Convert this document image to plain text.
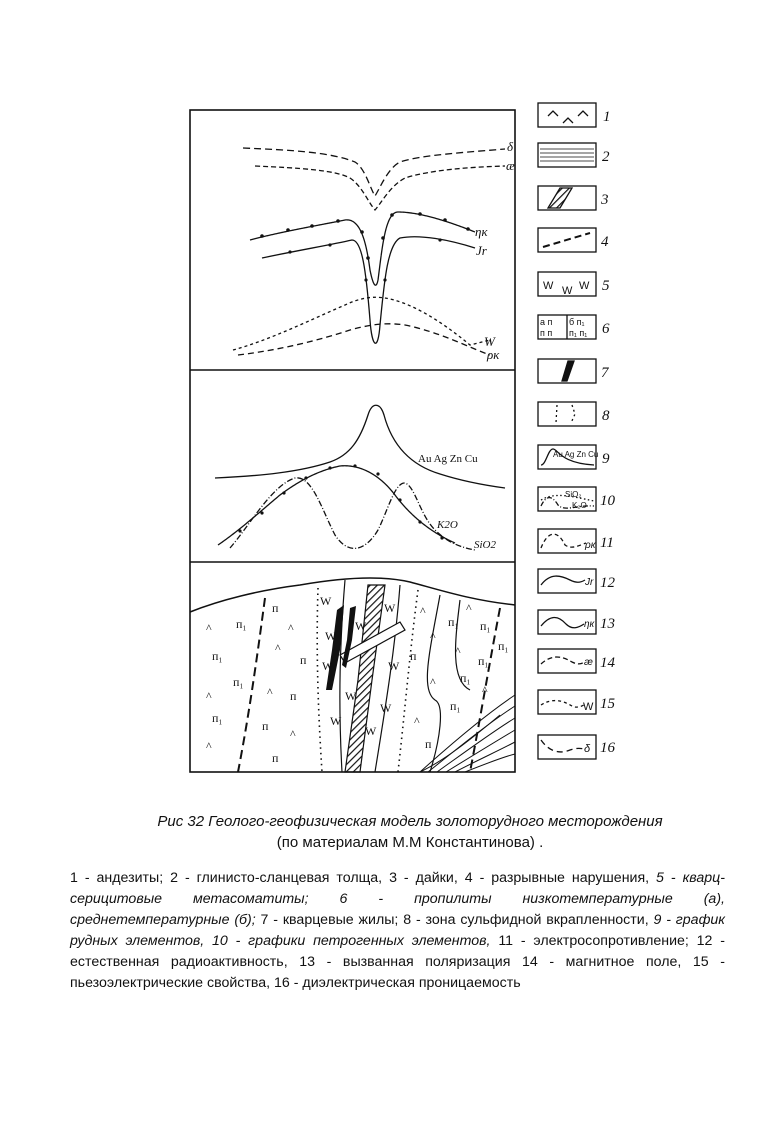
δ
æ
ηк
Jr
W
ρк
Au Ag Zn Cu
K2O
SiO2
^ п₁
п
^
п₁
^
п
п₁
^	^ п
п₁
п
^
^
п
W
W
W
W
W
W
W
W
W
W
^
^
п₁
^
п₁
п	^
п₁
п₁
^ п₁
^
п₁
^
п
W W W
а п
п п
б п₁
п₁ п₁
Au Ag Zn Cu
SiO₂
K₂O
ρк
Jr
ηк
æ
W
δ
1
2
3
4
5
6
7
8
9
10
11
12
13
14
15
16
Рис 32 Геолого-геофизическая модель золоторудного месторождения
(по материалам М.М Константинова) .
1 - андезиты; 2 - глинисто-сланцевая толща, 3 - дайки, 4 - разрывные нарушения, 5 - кварц-серицитовые метасоматиты; 6 - пропилиты низкотемпературные (а), среднетемпературные (б); 7 - кварцевые жилы; 8 - зона сульфидной вкрапленности, 9 - график рудных элементов, 10 - графики петрогенных элементов, 11 - электросопротивление; 12 - естественная радиоактивность, 13 - вызванная поляризация 14 - магнитное поле, 15 - пьезоэлектрические свойства, 16 - диэлектрическая проницаемость
